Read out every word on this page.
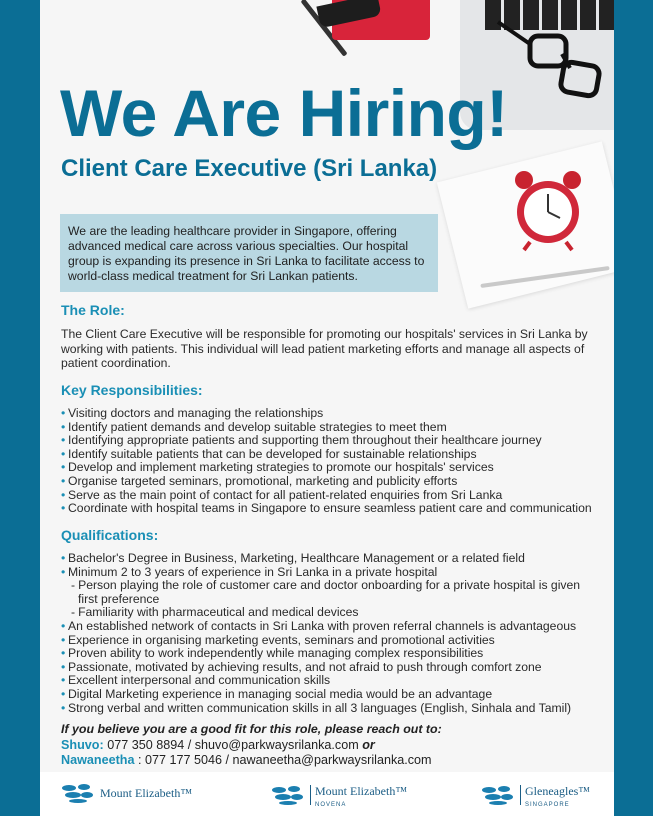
We Are Hiring!
Client Care Executive (Sri Lanka)
We are the leading healthcare provider in Singapore, offering advanced medical care across various specialties. Our hospital group is expanding its presence in Sri Lanka to facilitate access to world-class medical treatment for Sri Lankan patients.
The Role:

The Client Care Executive will be responsible for promoting our hospitals' services in Sri Lanka by working with patients. This individual will lead patient marketing efforts and manage all aspects of patient coordination.

Key Responsibilities:
• Visiting doctors and managing the relationships
• Identify patient demands and develop suitable strategies to meet them
• Identifying appropriate patients and supporting them throughout their healthcare journey
• Identify suitable patients that can be developed for sustainable relationships
• Develop and implement marketing strategies to promote our hospitals' services
• Organise targeted seminars, promotional, marketing and publicity efforts
• Serve as the main point of contact for all patient-related enquiries from Sri Lanka
• Coordinate with hospital teams in Singapore to ensure seamless patient care and communication
Qualifications:
• Bachelor's Degree in Business, Marketing, Healthcare Management or a related field
• Minimum 2 to 3 years of experience in Sri Lanka in a private hospital
- Person playing the role of customer care and doctor onboarding for a private hospital is given
first preference
- Familiarity with pharmaceutical and medical devices
• An established network of contacts in Sri Lanka with proven referral channels is advantageous
• Experience in organising marketing events, seminars and promotional activities
• Proven ability to work independently while managing complex responsibilities
• Passionate, motivated by achieving results, and not afraid to push through comfort zone
• Excellent interpersonal and communication skills
• Digital Marketing experience in managing social media would be an advantage
• Strong verbal and written communication skills in all 3 languages (English, Sinhala and Tamil)

If you believe you are a good fit for this role, please reach out to:

Shuvo: 077 350 8894 / shuvo@parkwaysrilanka.com or

Nawaneetha : 077 177 5046 / nawaneetha@parkwaysrilanka.com

Mount Elizabeth™	Mount Elizabeth™
NOVENA
Gleneagles™
SINGAPORE
